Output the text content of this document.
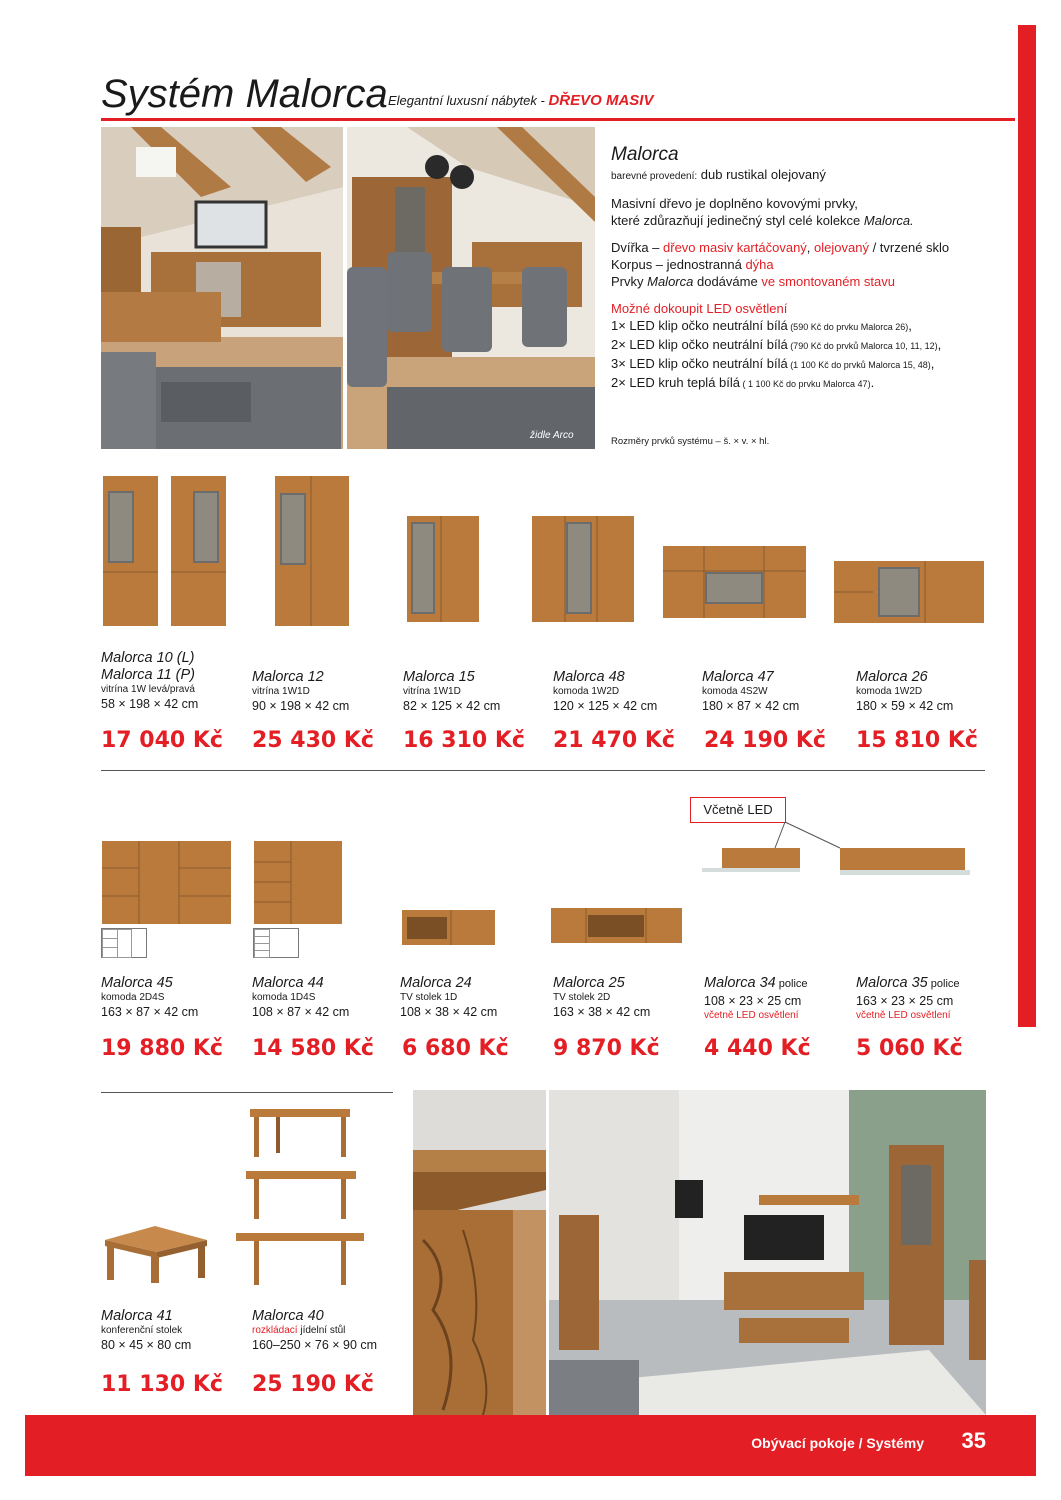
Systém Malorca Elegantní luxusní nábytek - DŘEVO MASIV
židle Arco
Malorca
barevné provedení: dub rustikal olejovaný
Masivní dřevo je doplněno kovovými prvky,
které zdůrazňují jedinečný styl celé kolekce Malorca.
Dvířka – dřevo masiv kartáčovaný, olejovaný / tvrzené sklo
Korpus – jednostranná dýha
Prvky Malorca dodáváme ve smontovaném stavu
Možné dokoupit LED osvětlení
1× LED klip očko neutrální bílá (590 Kč do prvku Malorca 26),
2× LED klip očko neutrální bílá (790 Kč do prvků Malorca 10, 11, 12),
3× LED klip očko neutrální bílá (1 100 Kč do prvků Malorca 15, 48),
2× LED kruh teplá bílá ( 1 100 Kč do prvku Malorca 47).
Rozměry prvků systému – š. × v. × hl.
Malorca 10 (L)
Malorca 11 (P)
vitrína 1W levá/pravá
58 × 198 × 42 cm
Malorca 12
vitrína 1W1D
90 × 198 × 42 cm
Malorca 15
vitrína 1W1D
82 × 125 × 42 cm
Malorca 48
komoda 1W2D
120 × 125 × 42 cm
Malorca 47
komoda 4S2W
180 × 87 × 42 cm
Malorca 26
komoda 1W2D
180 × 59 × 42 cm
17 040 Kč 25 430 Kč 16 310 Kč 21 470 Kč 24 190 Kč 15 810 Kč
Včetně LED
Malorca 45
komoda 2D4S
163 × 87 × 42 cm
Malorca 44
komoda 1D4S
108 × 87 × 42 cm
Malorca 24
TV stolek 1D
108 × 38 × 42 cm
Malorca 25
TV stolek 2D
163 × 38 × 42 cm
Malorca 34 police
108 × 23 × 25 cm
včetně LED osvětlení
Malorca 35 police
163 × 23 × 25 cm
včetně LED osvětlení
19 880 Kč 14 580 Kč 6 680 Kč 9 870 Kč 4 440 Kč 5 060 Kč
Malorca 41
konferenční stolek
80 × 45 × 80 cm
Malorca 40
rozkládací jídelní stůl
160–250 × 76 × 90 cm
11 130 Kč 25 190 Kč
Obývací pokoje / Systémy 35
